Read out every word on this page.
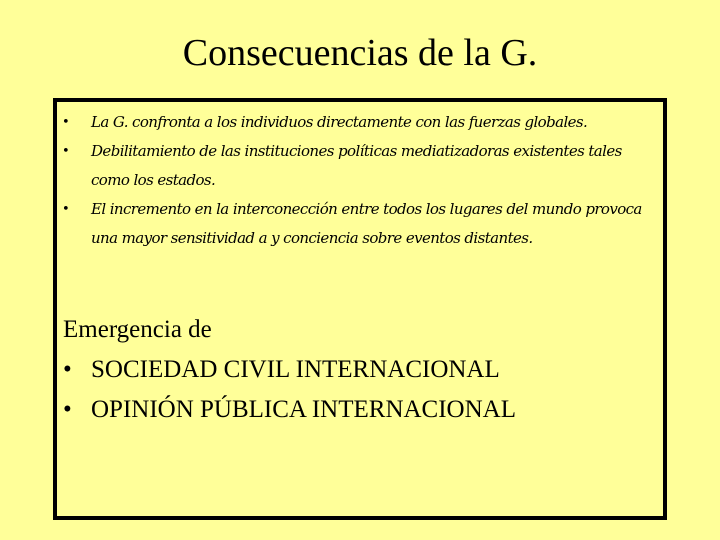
Consecuencias de la G.
• La G. confronta a los individuos directamente con las fuerzas globales.
• Debilitamiento de las instituciones políticas mediatizadoras existentes tales como los estados.
• El incremento en la interconección entre todos los lugares del mundo provoca una mayor sensitividad a y conciencia sobre eventos distantes.
Emergencia de
• SOCIEDAD CIVIL INTERNACIONAL
• OPINIÓN PÚBLICA INTERNACIONAL
